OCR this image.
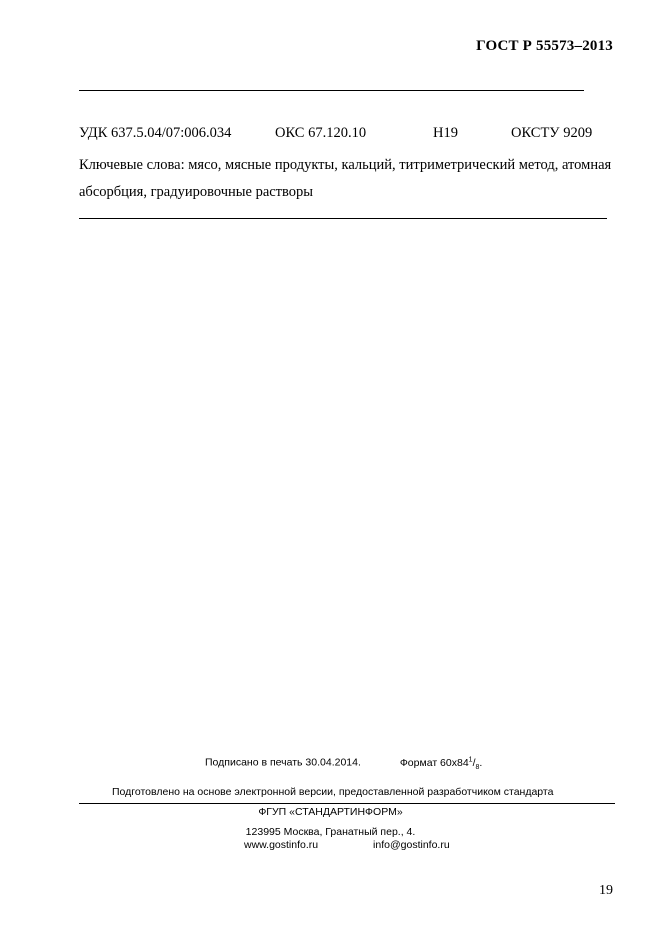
ГОСТ Р 55573–2013
УДК 637.5.04/07:006.034	ОКС 67.120.10	Н19	ОКСТУ 9209
Ключевые слова: мясо, мясные продукты, кальций, титриметрический метод, атомная абсорбция, градуировочные растворы
Подписано в печать 30.04.2014.	Формат $60x84^1/_8$.
Подготовлено на основе электронной версии, предоставленной разработчиком стандарта
ФГУП «СТАНДАРТИНФОРМ»
123995 Москва, Гранатный пер., 4.
www.gostinfo.ru	info@gostinfo.ru
19
